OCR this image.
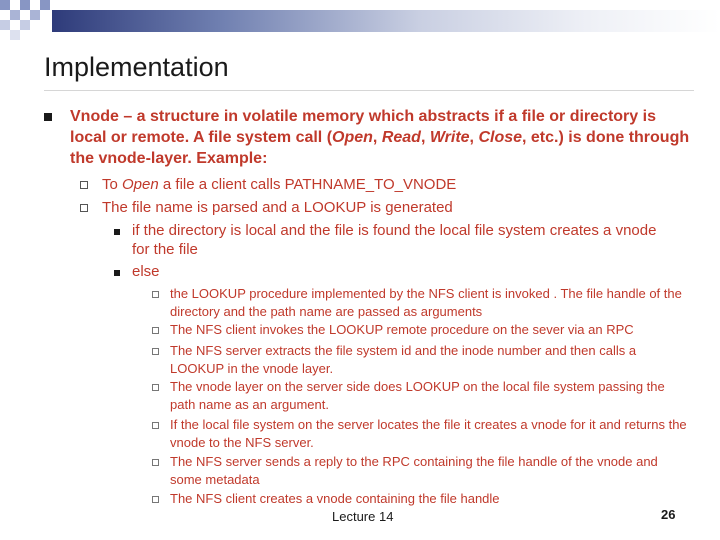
Implementation
Vnode – a structure in volatile memory which abstracts if a file or directory is local or remote. A file system call (Open, Read, Write, Close, etc.) is done through the vnode-layer. Example:
To Open a file a client calls PATHNAME_TO_VNODE
The file name is parsed and a LOOKUP is generated
if the directory is local and the file is found the local file system creates a vnode for the file
else
the LOOKUP procedure implemented by the NFS client is invoked . The file handle of the directory and the path name are passed as arguments
The NFS client invokes the LOOKUP remote procedure on the sever via an RPC
The NFS server extracts the file system id and the inode number and then calls a LOOKUP in the vnode layer.
The vnode layer on the server side does LOOKUP on the local file system passing the path name as an argument.
If the local file system on the server locates the file it creates a vnode for it and returns the vnode to the NFS server.
The NFS server sends a reply to the RPC containing the file handle of the vnode and some metadata
The NFS client creates a vnode containing the file handle
Lecture 14	26
